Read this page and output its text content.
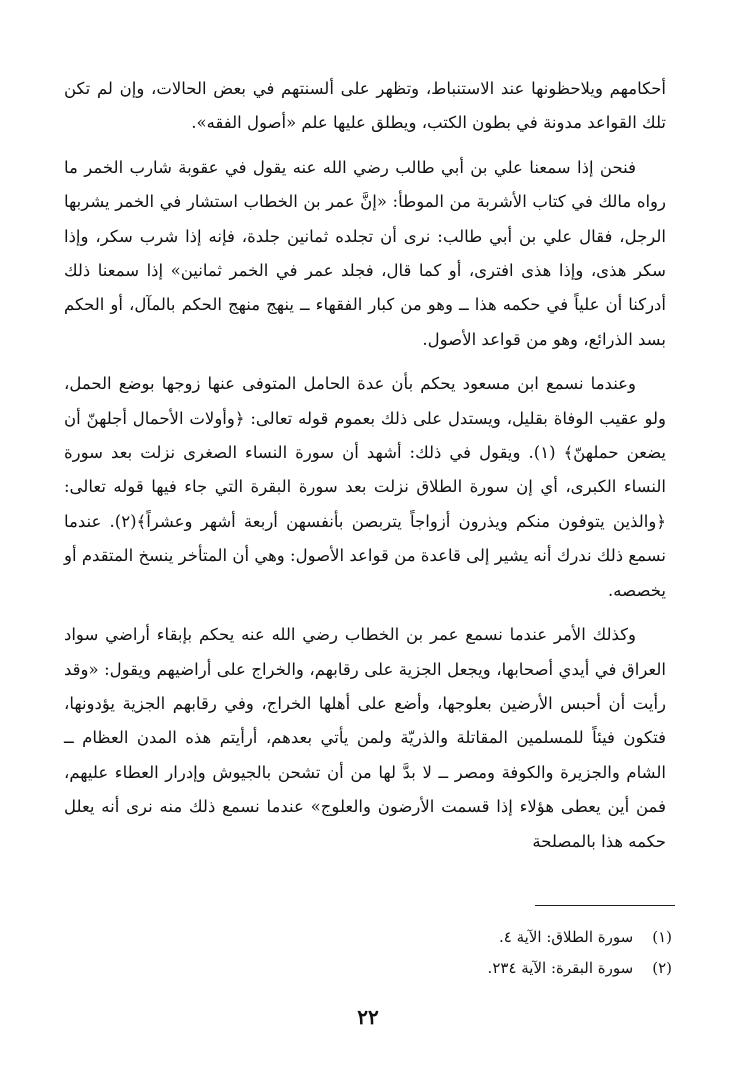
أحكامهم ويلاحظونها عند الاستنباط، وتظهر على ألسنتهم في بعض الحالات، وإن لم تكن تلك القواعد مدونة في بطون الكتب، ويطلق عليها علم «أصول الفقه».

فنحن إذا سمعنا علي بن أبي طالب رضي الله عنه يقول في عقوبة شارب الخمر ما رواه مالك في كتاب الأشربة من الموطأ: «إنَّ عمر بن الخطاب استشار في الخمر يشربها الرجل، فقال علي بن أبي طالب: نرى أن تجلده ثمانين جلدة، فإنه إذا شرب سكر، وإذا سكر هذى، وإذا هذى افترى، أو كما قال، فجلد عمر في الخمر ثمانين» إذا سمعنا ذلك أدركنا أن علياً في حكمه هذا ــ وهو من كبار الفقهاء ــ ينهج منهج الحكم بالمآل، أو الحكم بسد الذرائع، وهو من قواعد الأصول.

وعندما نسمع ابن مسعود يحكم بأن عدة الحامل المتوفى عنها زوجها بوضع الحمل، ولو عقيب الوفاة بقليل، ويستدل على ذلك بعموم قوله تعالى: ﴿وأولات الأحمال أجلهنّ أن يضعن حملهنّ﴾ (١). ويقول في ذلك: أشهد أن سورة النساء الصغرى نزلت بعد سورة النساء الكبرى، أي إن سورة الطلاق نزلت بعد سورة البقرة التي جاء فيها قوله تعالى: ﴿والذين يتوفون منكم ويذرون أزواجاً يتربصن بأنفسهن أربعة أشهر وعشراً﴾(٢). عندما نسمع ذلك ندرك أنه يشير إلى قاعدة من قواعد الأصول: وهي أن المتأخر ينسخ المتقدم أو يخصصه.

وكذلك الأمر عندما نسمع عمر بن الخطاب رضي الله عنه يحكم بإبقاء أراضي سواد العراق في أيدي أصحابها، ويجعل الجزية على رقابهم، والخراج على أراضيهم ويقول: «وقد رأيت أن أحبس الأرضين بعلوجها، وأضع على أهلها الخراج، وفي رقابهم الجزية يؤدونها، فتكون فيئاً للمسلمين المقاتلة والذريّة ولمن يأتي بعدهم، أرأيتم هذه المدن العظام ــ الشام والجزيرة والكوفة ومصر ــ لا بدَّ لها من أن تشحن بالجيوش وإدرار العطاء عليهم، فمن أين يعطى هؤلاء إذا قسمت الأرضون والعلوج» عندما نسمع ذلك منه نرى أنه يعلل حكمه هذا بالمصلحة

(١) سورة الطلاق: الآية ٤.
(٢) سورة البقرة: الآية ٢٣٤.
٢٢
